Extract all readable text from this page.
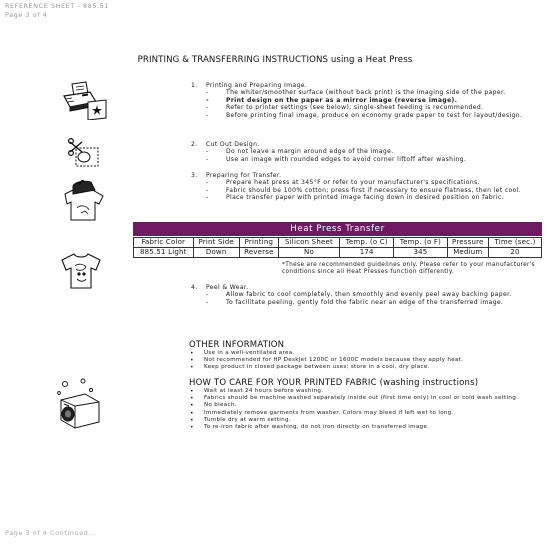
REFERENCE SHEET - 885.51
Page 3 of 4
PRINTING & TRANSFERRING INSTRUCTIONS using a Heat Press
1. Printing and Preparing Image.
- The whiter/smoother surface (without back print) is the imaging side of the paper.
- Print design on the paper as a mirror image (reverse image).
- Refer to printer settings (see below); single-sheet feeding is recommended.
- Before printing final image, produce on economy grade paper to test for layout/design.
2. Cut Out Design.
- Do not leave a margin around edge of the image.
- Use an image with rounded edges to avoid corner liftoff after washing.
3. Preparing for Transfer.
- Prepare heat press at 345°F or refer to your manufacturer's specifications.
- Fabric should be 100% cotton; press first if necessary to ensure flatness, then let cool.
- Place transfer paper with printed image facing down in desired position on fabric.
Heat Press Transfer
Fabric Color	Print Side	Printing	Silicon Sheet	Temp. (o C)	Temp. (o F)	Pressure	Time (sec.)
885.51 Light	Down	Reverse	No	174	345	Medium	20
*These are recommended guidelines only. Please refer to your manufacturer's conditions since all Heat Presses function differently.
4. Peel & Wear.
- Allow fabric to cool completely, then smoothly and evenly peel away backing paper.
- To facilitate peeling, gently fold the fabric near an edge of the transferred image.
OTHER INFORMATION
• Use in a well-ventilated area.
• Not recommended for HP DeskJet 1200C or 1600C models because they apply heat.
• Keep product in closed package between uses; store in a cool, dry place.
HOW TO CARE FOR YOUR PRINTED FABRIC (washing instructions)
• Wait at least 24 hours before washing.
• Fabrics should be machine washed separately inside out (first time only) in cool or cold wash setting.
• No bleach.
• Immediately remove garments from washer. Colors may bleed if left wet to long.
• Tumble dry at warm setting.
• To re-iron fabric after washing, do not iron directly on transferred image.
Page 3 of 4 Continued...
